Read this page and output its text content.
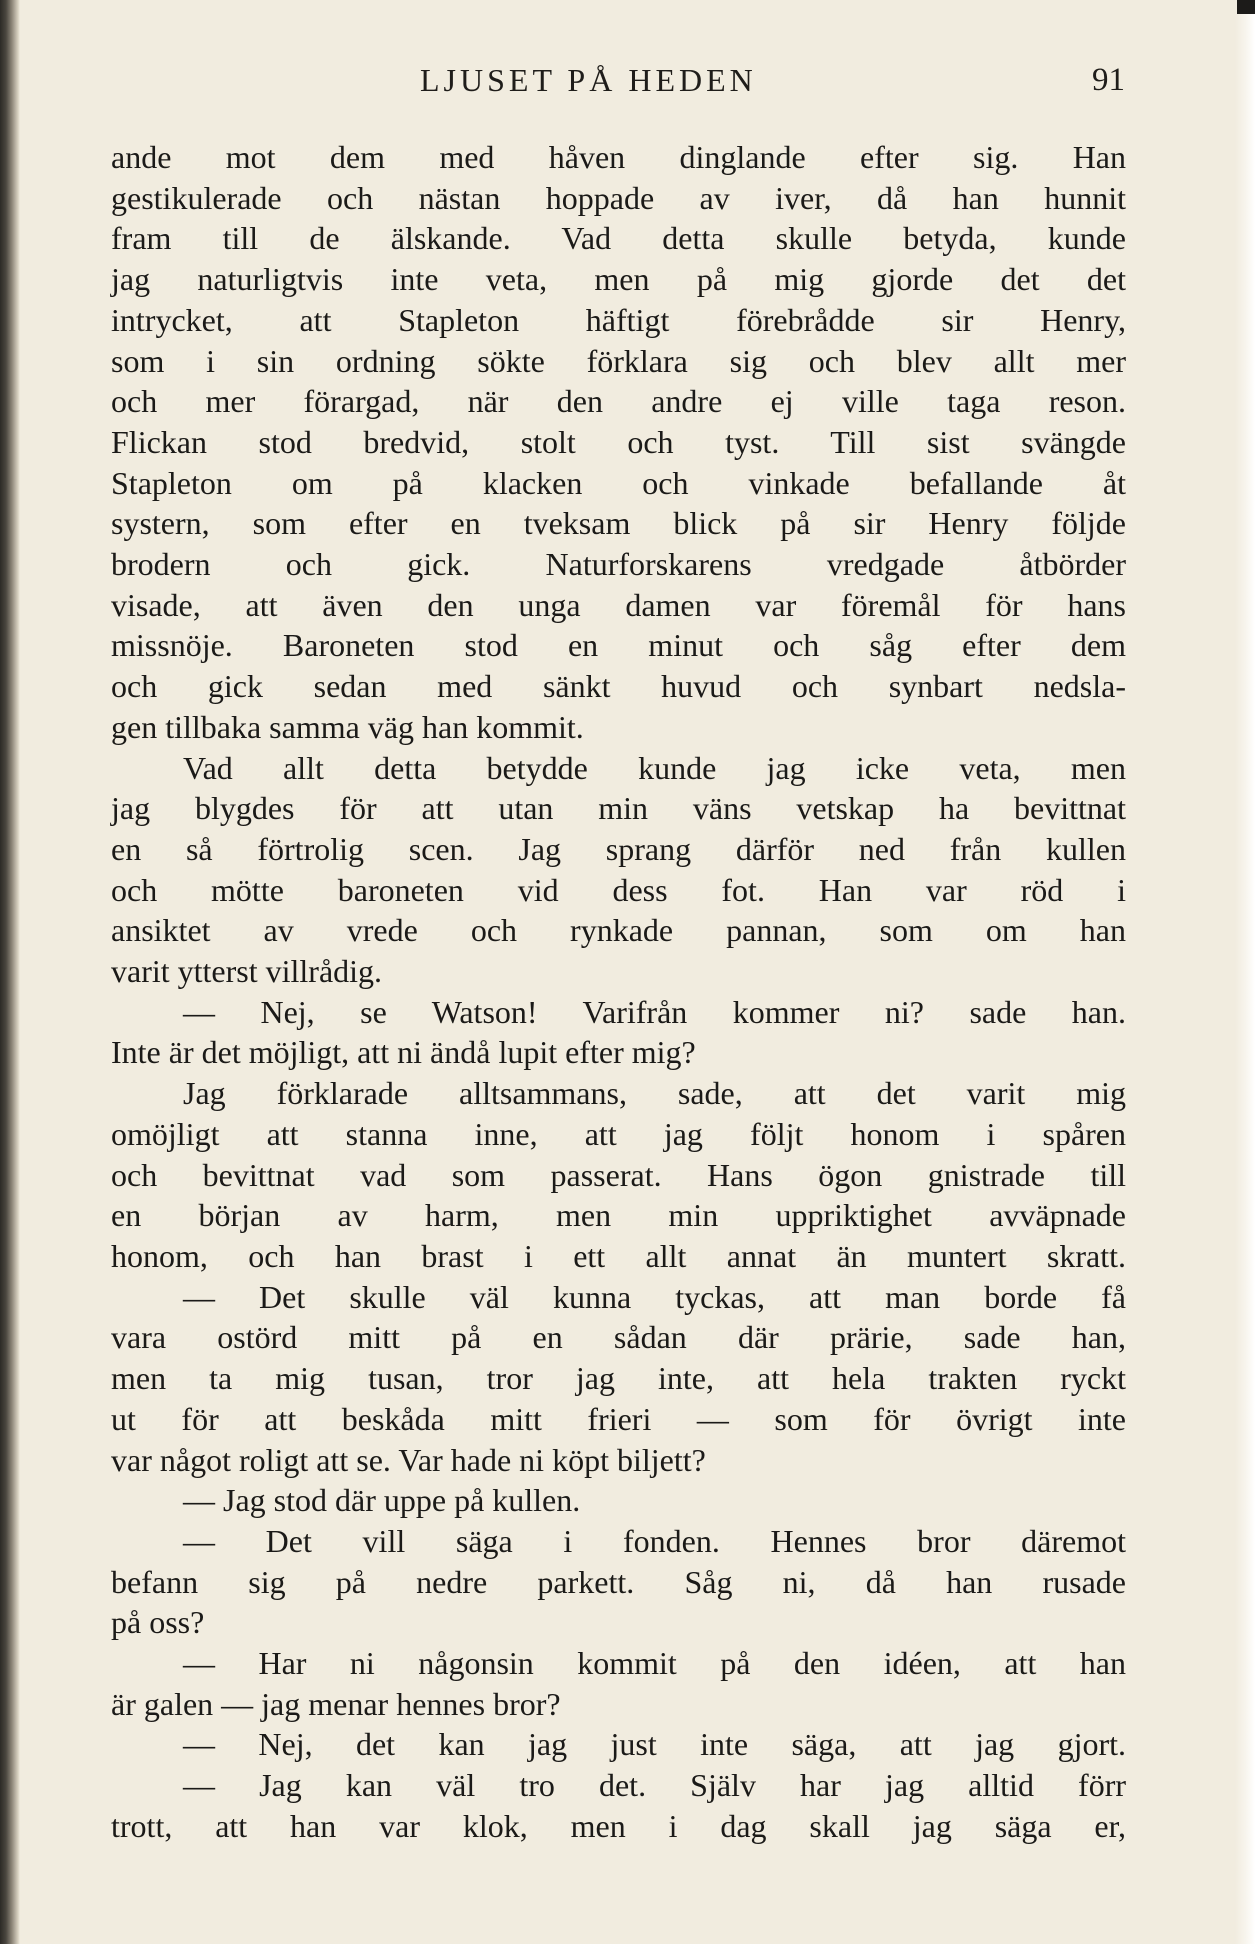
LJUSET PÅ HEDEN	91
ande mot dem med håven dinglande efter sig. Han
gestikulerade och nästan hoppade av iver, då han hunnit
fram till de älskande. Vad detta skulle betyda, kunde
jag naturligtvis inte veta, men på mig gjorde det det
intrycket, att Stapleton häftigt förebrådde sir Henry,
som i sin ordning sökte förklara sig och blev allt mer
och mer förargad, när den andre ej ville taga reson.
Flickan stod bredvid, stolt och tyst. Till sist svängde
Stapleton om på klacken och vinkade befallande åt
systern, som efter en tveksam blick på sir Henry följde
brodern och gick. Naturforskarens vredgade åtbörder
visade, att även den unga damen var föremål för hans
missnöje. Baroneten stod en minut och såg efter dem
och gick sedan med sänkt huvud och synbart nedsla-
gen tillbaka samma väg han kommit.
Vad allt detta betydde kunde jag icke veta, men
jag blygdes för att utan min väns vetskap ha bevittnat
en så förtrolig scen. Jag sprang därför ned från kullen
och mötte baroneten vid dess fot. Han var röd i
ansiktet av vrede och rynkade pannan, som om han
varit ytterst villrådig.
— Nej, se Watson! Varifrån kommer ni? sade han.
Inte är det möjligt, att ni ändå lupit efter mig?
Jag förklarade alltsammans, sade, att det varit mig
omöjligt att stanna inne, att jag följt honom i spåren
och bevittnat vad som passerat. Hans ögon gnistrade till
en början av harm, men min uppriktighet avväpnade
honom, och han brast i ett allt annat än muntert skratt.
— Det skulle väl kunna tyckas, att man borde få
vara ostörd mitt på en sådan där prärie, sade han,
men ta mig tusan, tror jag inte, att hela trakten ryckt
ut för att beskåda mitt frieri — som för övrigt inte
var något roligt att se. Var hade ni köpt biljett?
— Jag stod där uppe på kullen.
— Det vill säga i fonden. Hennes bror däremot
befann sig på nedre parkett. Såg ni, då han rusade
på oss?
— Har ni någonsin kommit på den idéen, att han
är galen — jag menar hennes bror?
— Nej, det kan jag just inte säga, att jag gjort.
— Jag kan väl tro det. Själv har jag alltid förr
trott, att han var klok, men i dag skall jag säga er,
